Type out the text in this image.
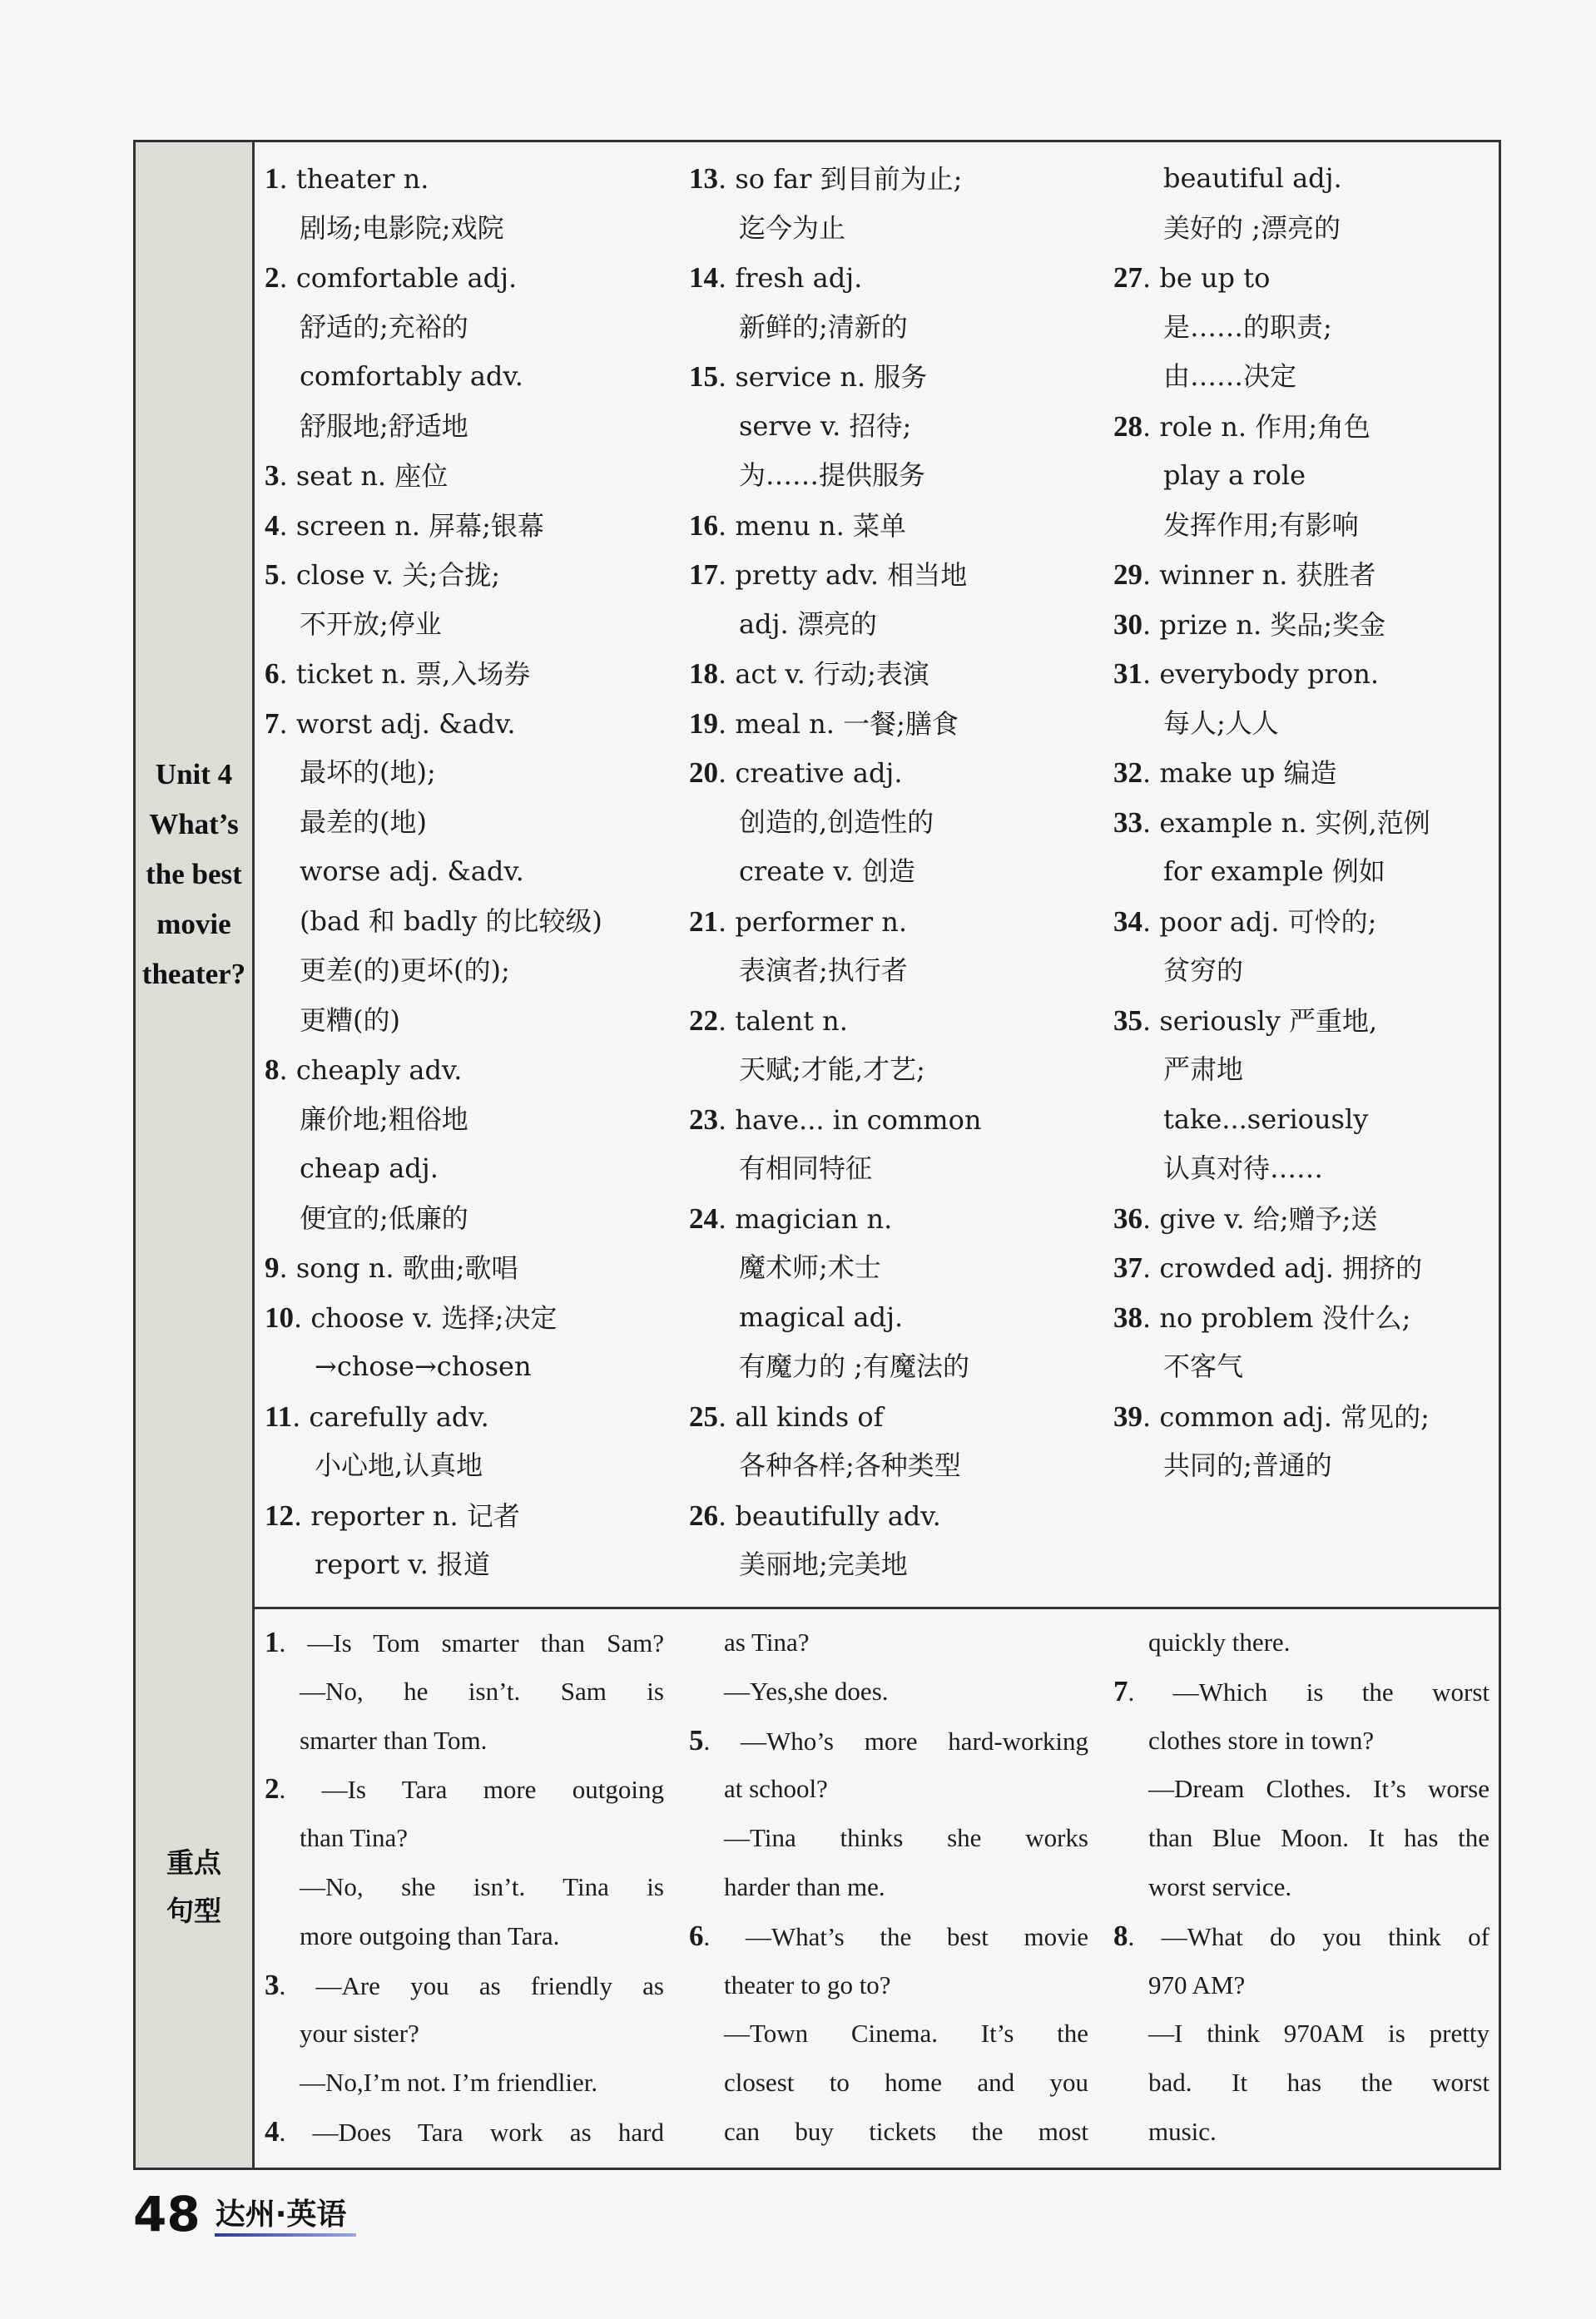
Unit 4
What’s
the best
movie
theater?
1. theater n.
剧场;电影院;戏院
2. comfortable adj.
舒适的;充裕的
comfortably adv.
舒服地;舒适地
3. seat n. 座位
4. screen n. 屏幕;银幕
5. close v. 关;合拢;
不开放;停业
6. ticket n. 票,入场券
7. worst adj. &adv.
最坏的(地);
最差的(地)
worse adj. &adv.
(bad 和 badly 的比较级)
更差(的)更坏(的);
更糟(的)
8. cheaply adv.
廉价地;粗俗地
cheap adj.
便宜的;低廉的
9. song n. 歌曲;歌唱
10. choose v. 选择;决定
→chose→chosen
11. carefully adv.
小心地,认真地
12. reporter n. 记者
report v. 报道
13. so far 到目前为止;
迄今为止
14. fresh adj.
新鲜的;清新的
15. service n. 服务
serve v. 招待;
为……提供服务
16. menu n. 菜单
17. pretty adv. 相当地
adj. 漂亮的
18. act v. 行动;表演
19. meal n. 一餐;膳食
20. creative adj.
创造的,创造性的
create v. 创造
21. performer n.
表演者;执行者
22. talent n.
天赋;才能,才艺;
23. have... in common
有相同特征
24. magician n.
魔术师;术士
magical adj.
有魔力的 ;有魔法的
25. all kinds of
各种各样;各种类型
26. beautifully adv.
美丽地;完美地
beautiful adj.
美好的 ;漂亮的
27. be up to
是……的职责;
由……决定
28. role n. 作用;角色
play a role
发挥作用;有影响
29. winner n. 获胜者
30. prize n. 奖品;奖金
31. everybody pron.
每人;人人
32. make up 编造
33. example n. 实例,范例
for example 例如
34. poor adj. 可怜的;
贫穷的
35. seriously 严重地,
严肃地
take...seriously
认真对待……
36. give v. 给;赠予;送
37. crowded adj. 拥挤的
38. no problem 没什么;
不客气
39. common adj. 常见的;
共同的;普通的
重点
句型
1. —Is Tom smarter than Sam?
—No, he isn’t. Sam is
smarter than Tom.
2. —Is Tara more outgoing
than Tina?
—No, she isn’t. Tina is
more outgoing than Tara.
3. —Are you as friendly as
your sister?
—No,I’m not. I’m friendlier.
4. —Does Tara work as hard
as Tina?
—Yes,she does.
5. —Who’s more hard-working
at school?
—Tina thinks she works
harder than me.
6. —What’s the best movie
theater to go to?
—Town Cinema. It’s the
closest to home and you
can buy tickets the most
quickly there.
7. —Which is the worst
clothes store in town?
—Dream Clothes. It’s worse
than Blue Moon. It has the
worst service.
8. —What do you think of
970 AM?
—I think 970AM is pretty
bad. It has the worst
music.
48 达州·英语
